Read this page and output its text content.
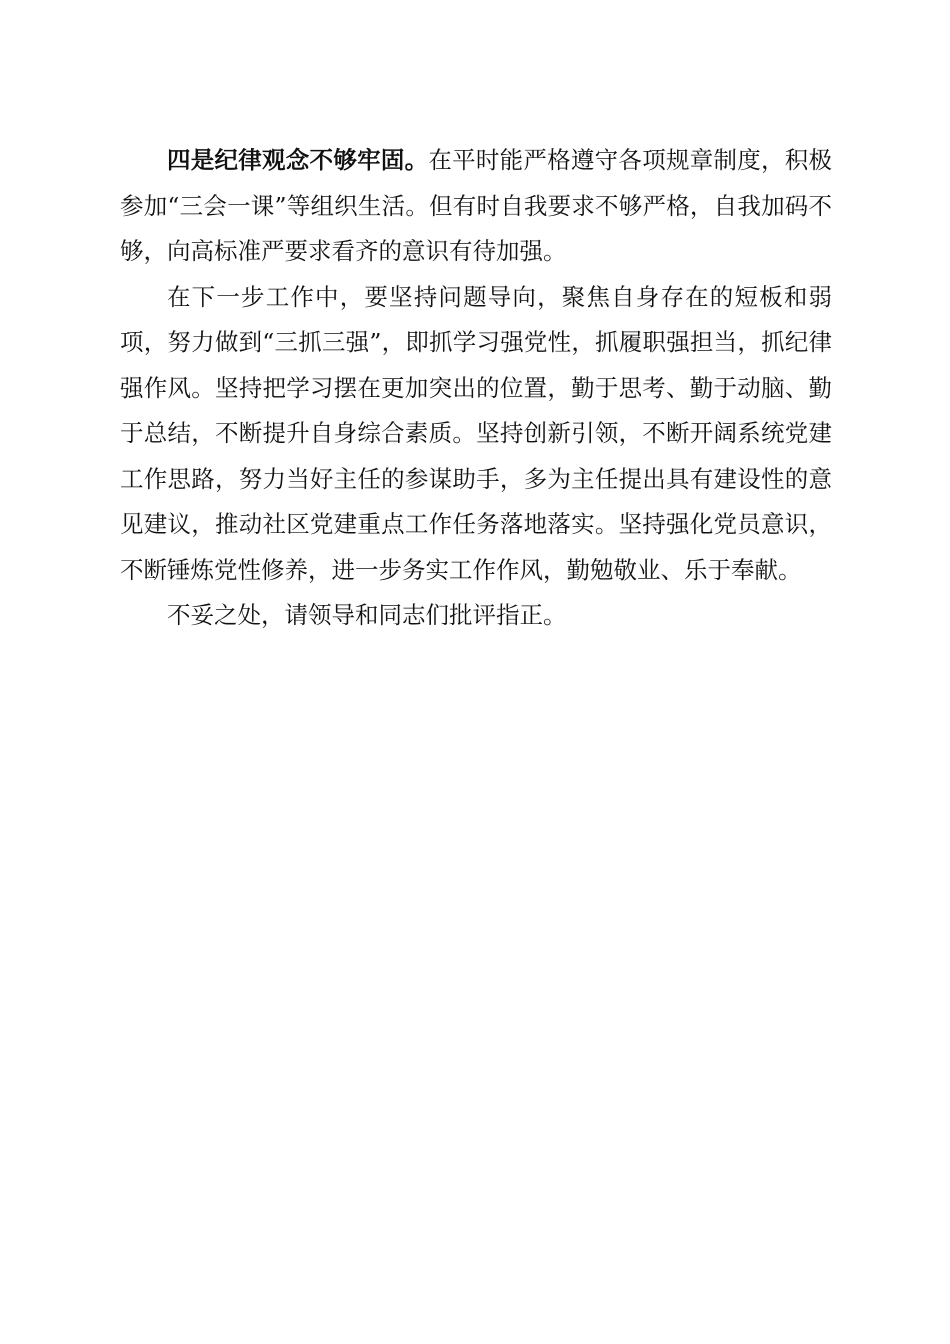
四是纪律观念不够牢固。在平时能严格遵守各项规章制度，积极参加“三会一课”等组织生活。但有时自我要求不够严格，自我加码不够，向高标准严要求看齐的意识有待加强。

在下一步工作中，要坚持问题导向，聚焦自身存在的短板和弱项，努力做到“三抓三强”，即抓学习强党性，抓履职强担当，抓纪律强作风。坚持把学习摆在更加突出的位置，勤于思考、勤于动脑、勤于总结，不断提升自身综合素质。坚持创新引领，不断开阔系统党建工作思路，努力当好主任的参谋助手，多为主任提出具有建设性的意见建议，推动社区党建重点工作任务落地落实。坚持强化党员意识，不断锤炼党性修养，进一步务实工作作风，勤勉敬业、乐于奉献。

不妥之处，请领导和同志们批评指正。
